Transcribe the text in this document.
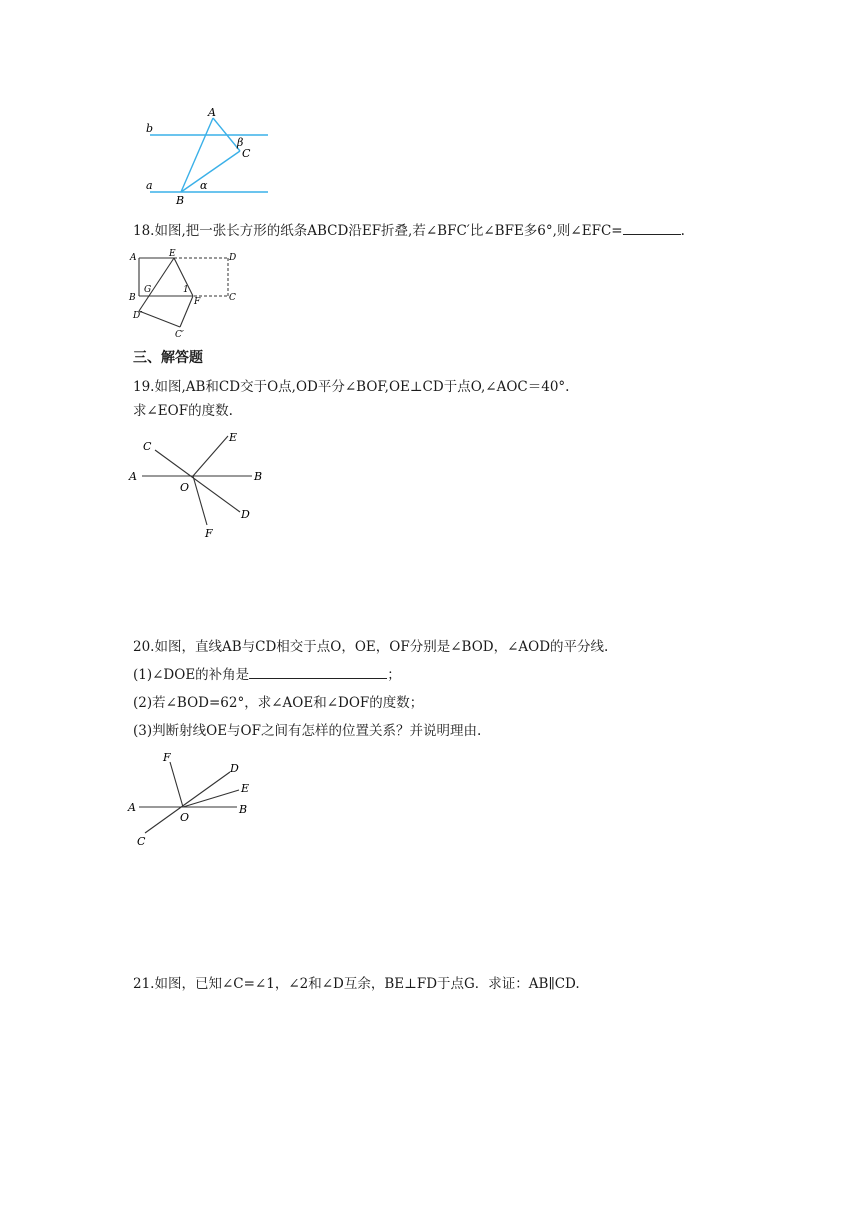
A
b
β
C
a	α
B
18.如图,把一张长方形的纸条ABCD沿EF折叠,若∠BFC′比∠BFE多6°,则∠EFC=	.
A	E	D
B
G	1
F	C
D′
C′
三、解答题
19.如图,AB和CD交于O点,OD平分∠BOF,OE⊥CD于点O,∠AOC＝40°.
求∠EOF的度数.
C
E
A
O
B
D
F
20.如图，直线AB与CD相交于点O，OE，OF分别是∠BOD，∠AOD的平分线.
(1)∠DOE的补角是	；
(2)若∠BOD=62°，求∠AOE和∠DOF的度数；
(3)判断射线OE与OF之间有怎样的位置关系？并说明理由.
F
D
E
A	B
O
C
21.如图，已知∠C=∠1，∠2和∠D互余，BE⊥FD于点G．求证：AB∥CD.
